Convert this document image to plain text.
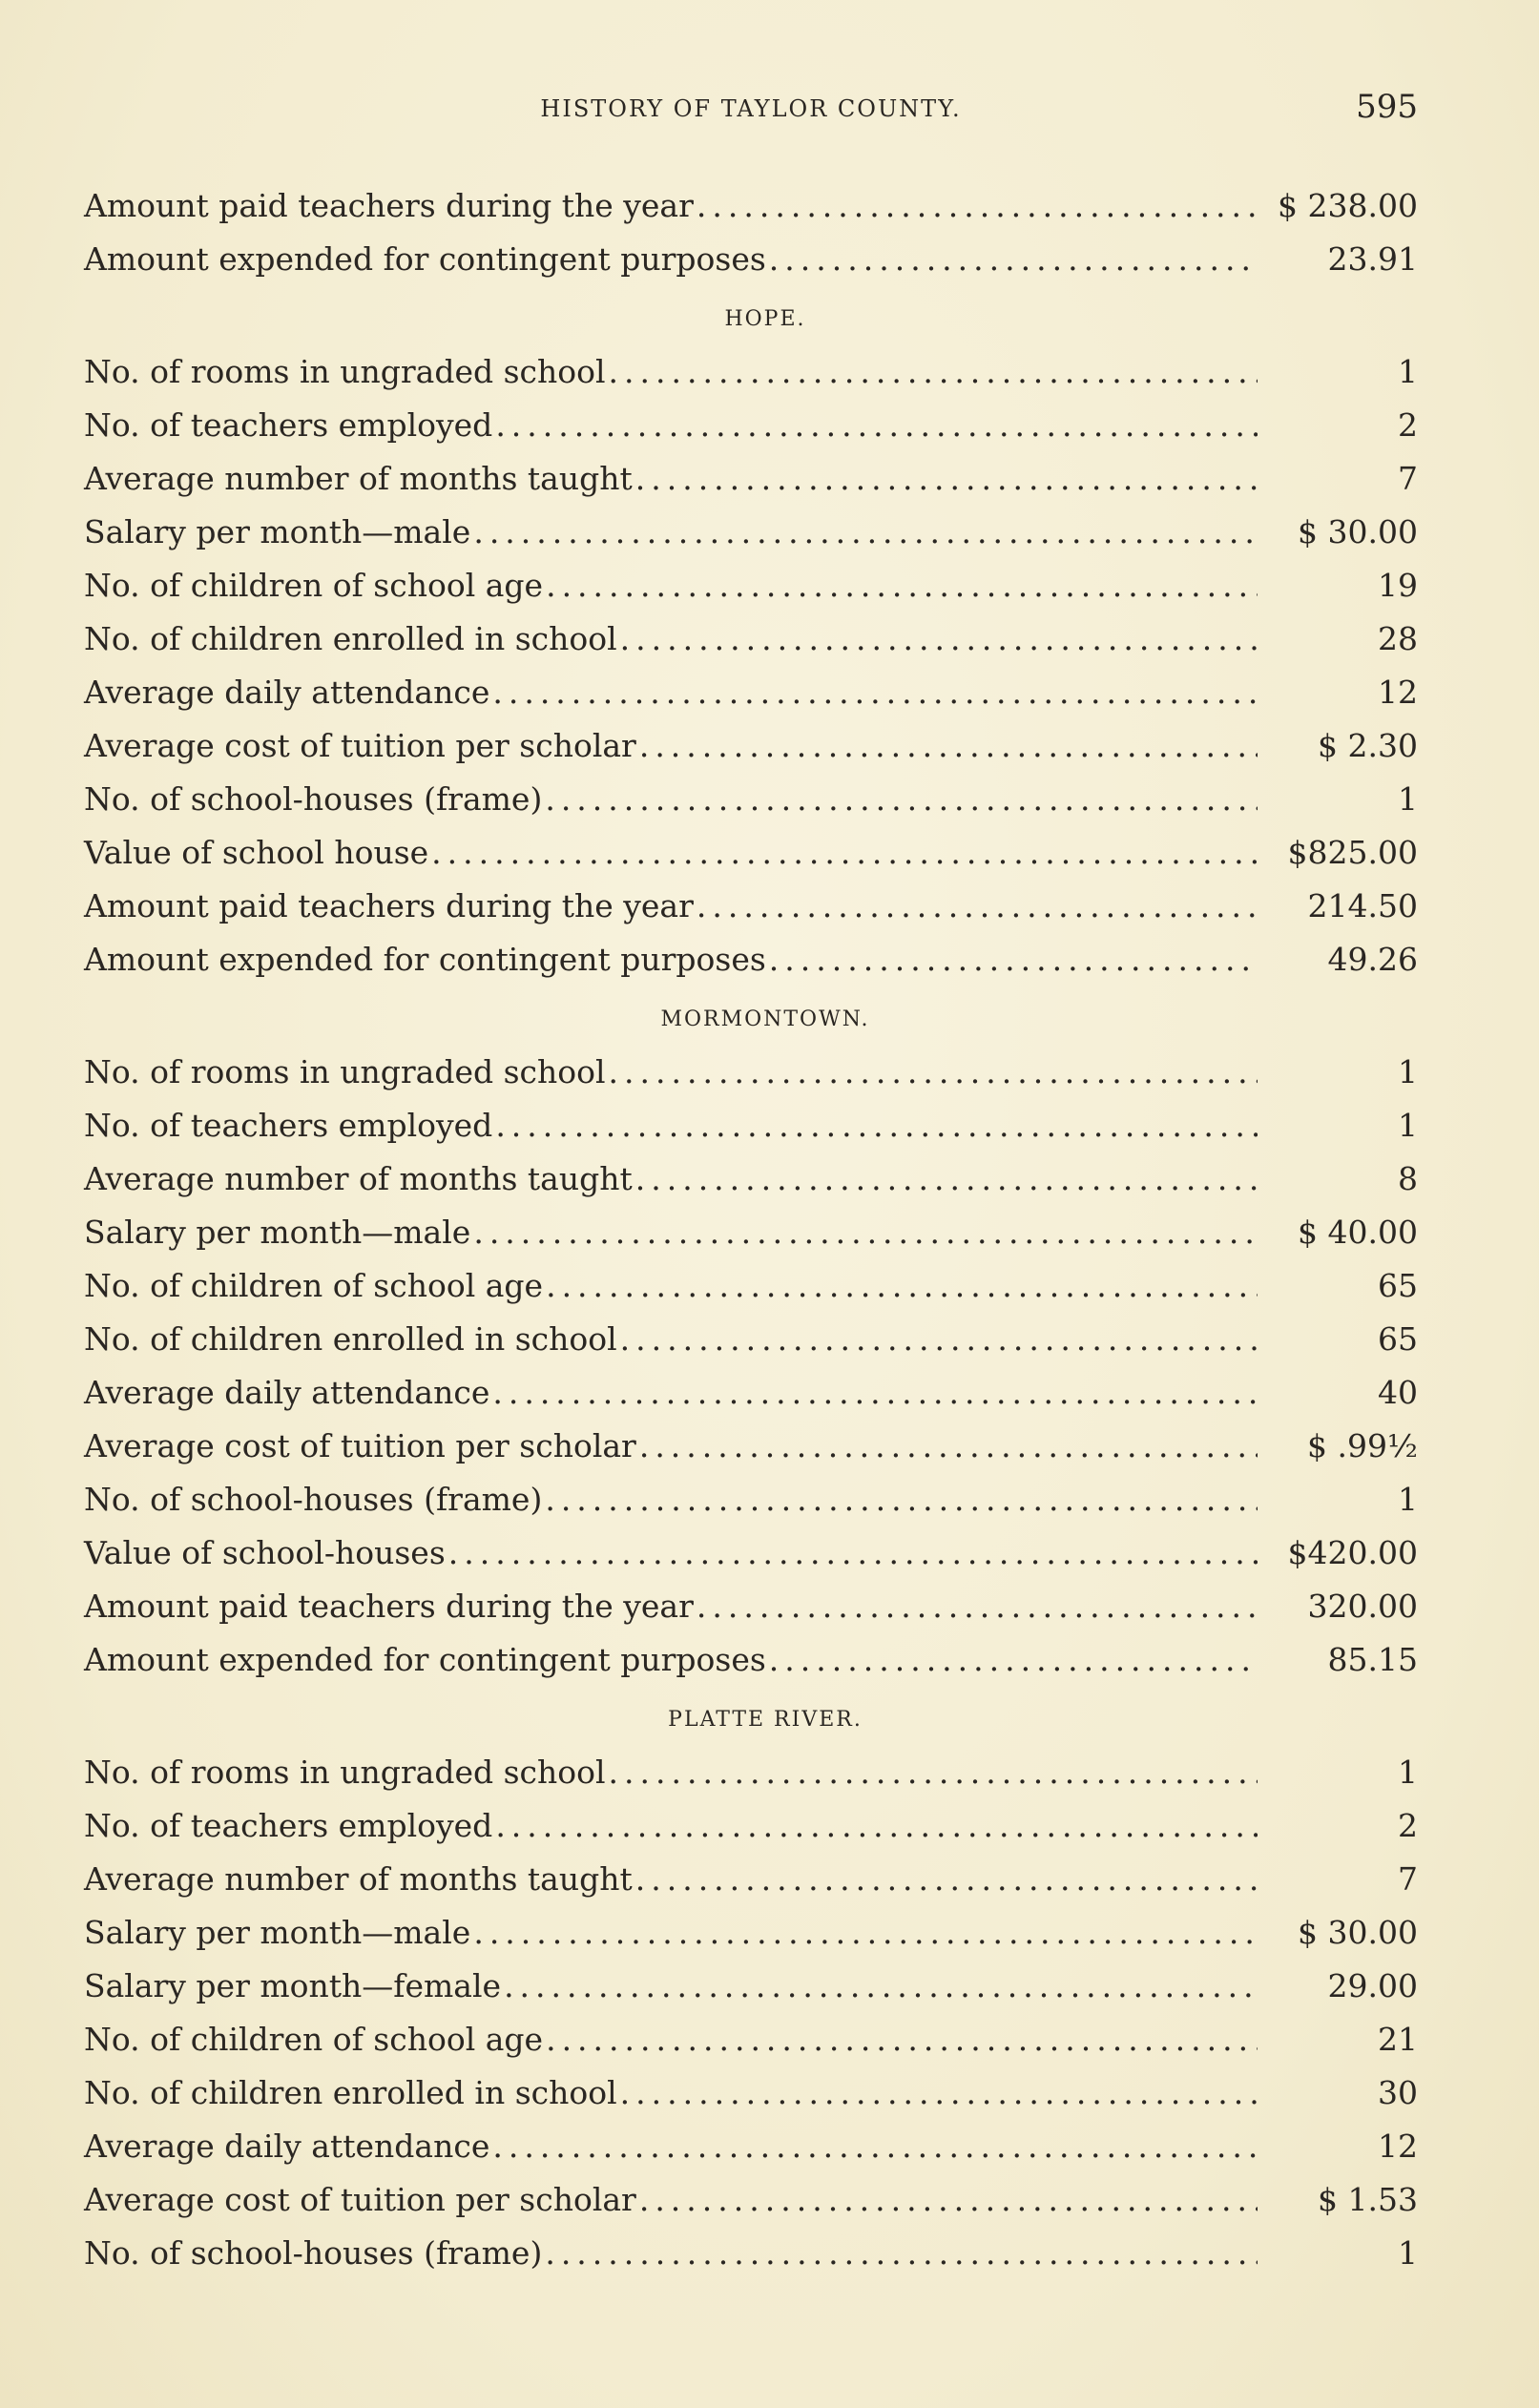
HISTORY OF TAYLOR COUNTY.	595
Amount paid teachers during the year .....	$ 238.00
Amount expended for contingent purposes .....	23.91
HOPE.
No. of rooms in ungraded school .....	1
No. of teachers employed .....	2
Average number of months taught .....	7
Salary per month—male .....	$ 30.00
No. of children of school age .....	19
No. of children enrolled in school .....	28
Average daily attendance .....	12
Average cost of tuition per scholar .....	$ 2.30
No. of school-houses (frame) .....	1
Value of school house .....	$825.00
Amount paid teachers during the year .....	214.50
Amount expended for contingent purposes .....	49.26
MORMONTOWN.
No. of rooms in ungraded school .....	1
No. of teachers employed .....	1
Average number of months taught .....	8
Salary per month—male .....	$ 40.00
No. of children of school age .....	65
No. of children enrolled in school .....	65
Average daily attendance .....	40
Average cost of tuition per scholar .....	$ .99½
No. of school-houses (frame) .....	1
Value of school-houses .....	$420.00
Amount paid teachers during the year .....	320.00
Amount expended for contingent purposes .....	85.15
PLATTE RIVER.
No. of rooms in ungraded school .....	1
No. of teachers employed .....	2
Average number of months taught .....	7
Salary per month—male .....	$ 30.00
Salary per month—female .....	29.00
No. of children of school age .....	21
No. of children enrolled in school .....	30
Average daily attendance .....	12
Average cost of tuition per scholar .....	$ 1.53
No. of school-houses (frame) .....	1
